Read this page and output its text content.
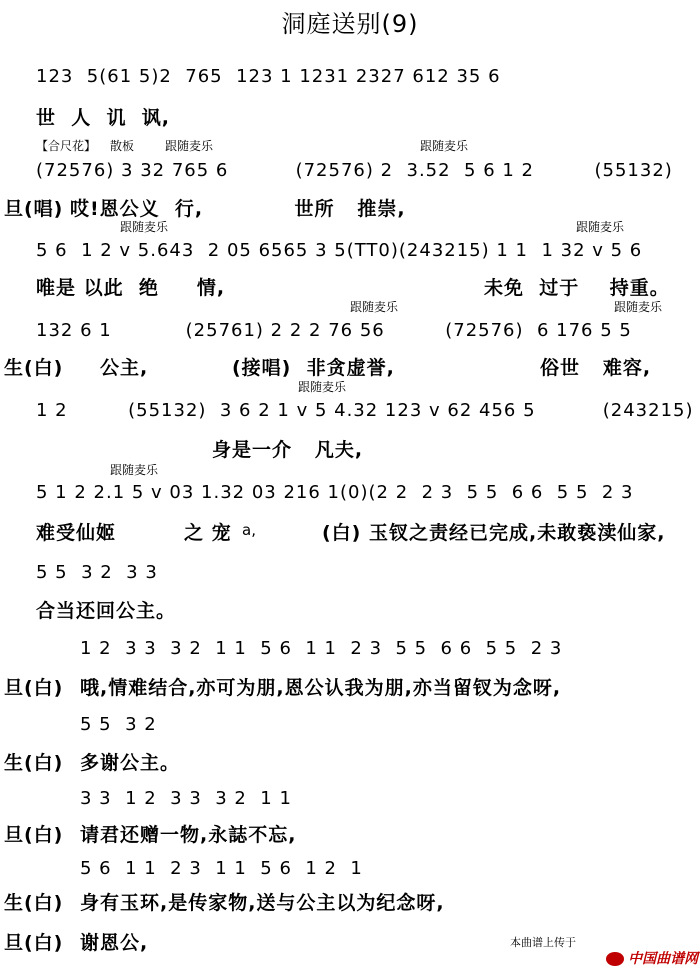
洞庭送别(9)
123  5(61 5)2  765  123 1 1231 2327 612 35 6
世  人  讥  讽,
【合尺花】 散板	跟随麦乐	跟随麦乐
(72576) 3 32 765 6          (72576) 2  3.52  5 6 1 2         (55132)
旦(唱) 哎!恩公义  行,            世所   推崇,
跟随麦乐	跟随麦乐
5 6  1 2 v 5.643  2 05 6565 3 5(TT0)(243215) 1 1  1 32 v 5 6
唯是 以此  绝     情,                                  未免  过于    持重。
跟随麦乐	跟随麦乐
132 6 1           (25761) 2 2 2 76 56         (72576)  6 176 5 5
生(白) 公主,	(接唱)  非贪虚誉,	俗世   难容,
跟随麦乐
1 2         (55132)  3 6 2 1 v 5 4.32 123 v 62 456 5          (243215)
身是一介   凡夫,
跟随麦乐
5 1 2 2.1 5 v 03 1.32 03 216 1(0)(2 2  2 3  5 5  6 6  5 5  2 3
难受仙姬	之 宠 a,	(白) 玉钗之责经已完成,未敢亵渎仙家,
5 5  3 2  3 3
合当还回公主。
1 2  3 3  3 2  1 1  5 6  1 1  2 3  5 5  6 6  5 5  2 3
旦(白) 哦,情难结合,亦可为朋,恩公认我为朋,亦当留钗为念呀,
5 5  3 2
生(白) 多谢公主。
3 3  1 2  3 3  3 2  1 1
旦(白) 请君还赠一物,永誌不忘,
5 6  1 1  2 3  1 1  5 6  1 2  1
生(白) 身有玉环,是传家物,送与公主以为纪念呀,
旦(白) 谢恩公,	本曲谱上传于

中国曲谱网
